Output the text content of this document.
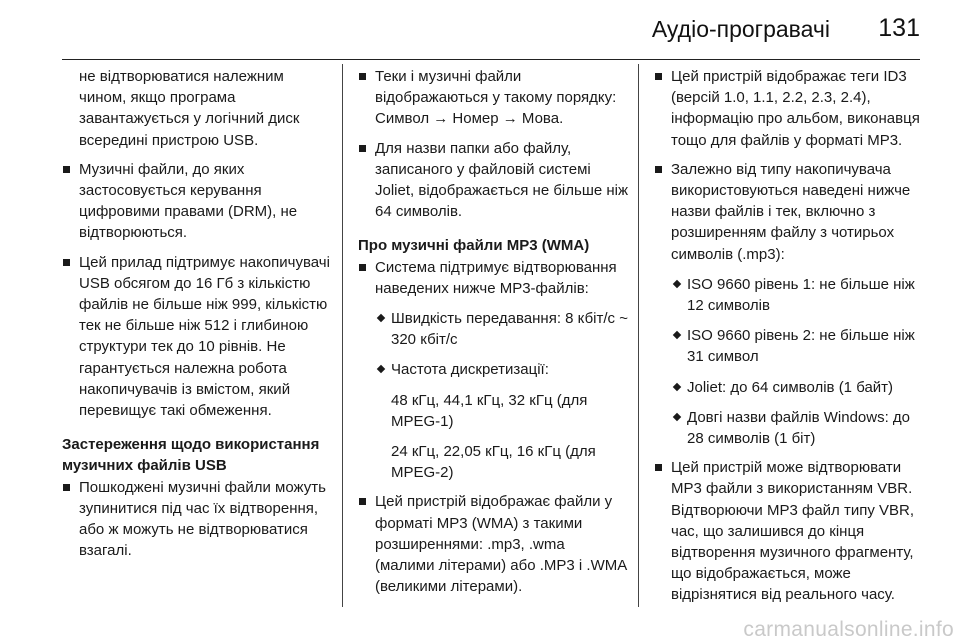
Аудіо-програвачі 131

не відтворюватися належним чином, якщо програма завантажується у логічний диск всередині пристрою USB.

Музичні файли, до яких застосовується керування цифровими правами (DRM), не відтворюються.

Цей прилад підтримує накопичувачі USB обсягом до 16 Гб з кількістю файлів не більше ніж 999, кількістю тек не більше ніж 512 і глибиною структури тек до 10 рівнів. Не гарантується належна робота накопичувачів із вмістом, який перевищує такі обмеження.

Застереження щодо використання музичних файлів USB

Пошкоджені музичні файли можуть зупинитися під час їх відтворення, або ж можуть не відтворюватися взагалі.

Теки і музичні файли відображаються у такому порядку: Символ → Номер → Мова.

Для назви папки або файлу, записаного у файловій системі Joliet, відображається не більше ніж 64 символів.

Про музичні файли MP3 (WMA)

Система підтримує відтворювання наведених нижче MP3-файлів:

Швидкість передавання: 8 кбіт/с ~ 320 кбіт/с

Частота дискретизації:

48 кГц, 44,1 кГц, 32 кГц (для MPEG-1)

24 кГц, 22,05 кГц, 16 кГц (для MPEG-2)

Цей пристрій відображає файли у форматі MP3 (WMA) з такими розширеннями: .mp3, .wma (малими літерами) або .MP3 і .WMA (великими літерами).

Цей пристрій відображає теги ID3 (версій 1.0, 1.1, 2.2, 2.3, 2.4), інформацію про альбом, виконавця тощо для файлів у форматі MP3.

Залежно від типу накопичувача використовуються наведені нижче назви файлів і тек, включно з розширенням файлу з чотирьох символів (.mp3):

ISO 9660 рівень 1: не більше ніж 12 символів

ISO 9660 рівень 2: не більше ніж 31 символ

Joliet: до 64 символів (1 байт)

Довгі назви файлів Windows: до 28 символів (1 біт)

Цей пристрій може відтворювати MP3 файли з використанням VBR. Відтворюючи MP3 файл типу VBR, час, що залишився до кінця відтворення музичного фрагменту, що відображається, може відрізнятися від реального часу.

carmanualsonline.info
